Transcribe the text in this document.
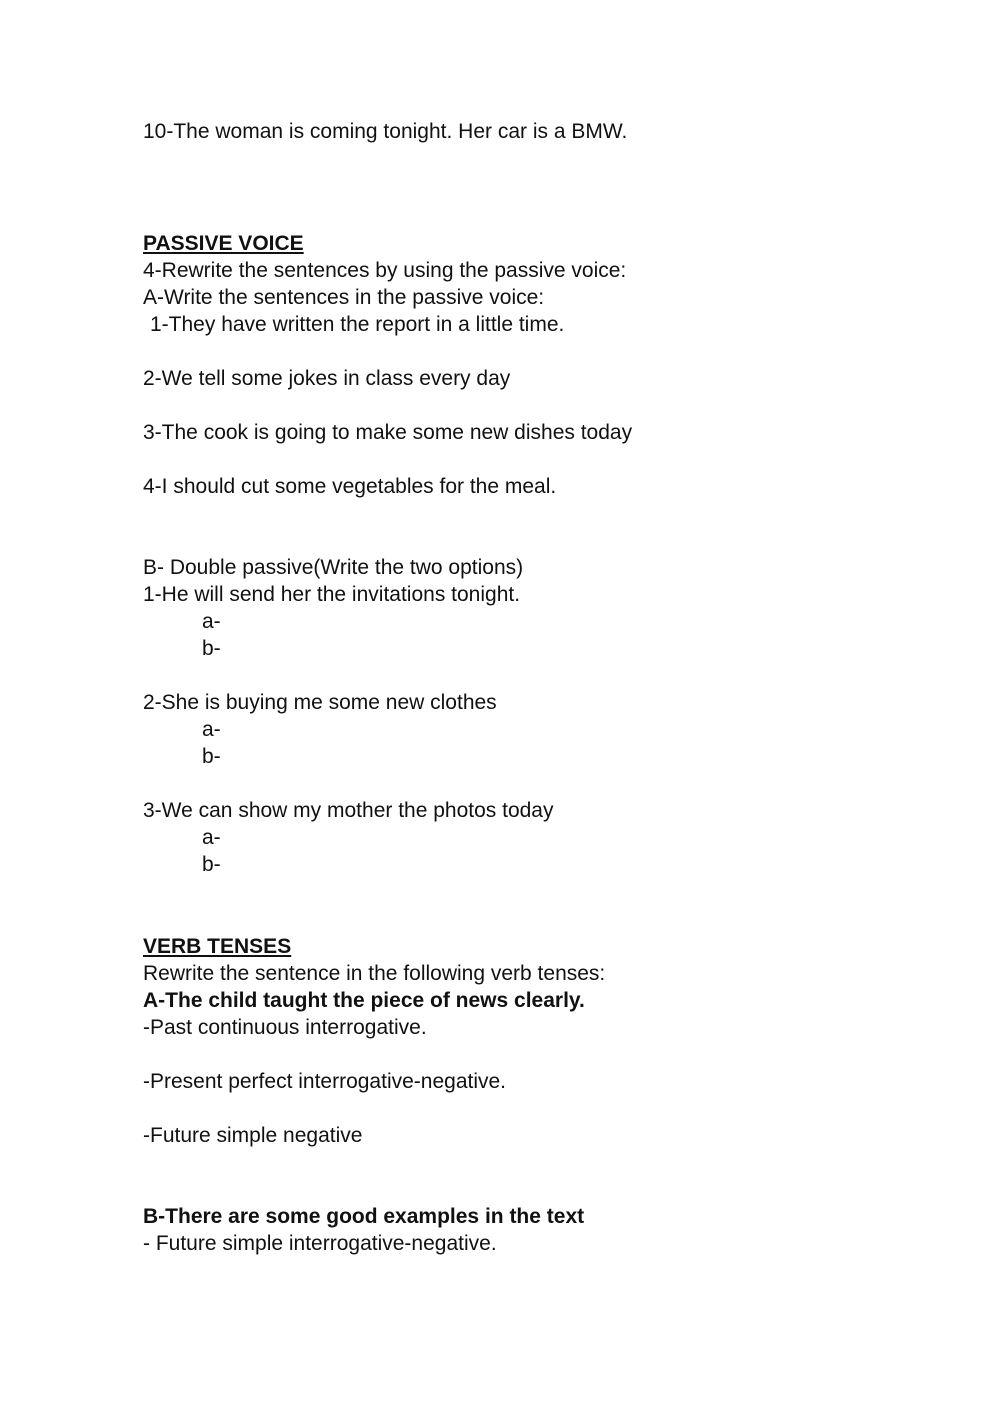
10-The woman is coming tonight. Her car is a BMW.
PASSIVE VOICE
4-Rewrite the sentences by using the passive voice:
A-Write the sentences in the passive voice:
1-They have written the report in a little time.
2-We tell some jokes in class every day
3-The cook is going to make some new dishes today
4-I should cut some vegetables for the meal.
B- Double passive(Write the two options)
1-He will send her the invitations tonight.
a-
b-
2-She is buying me some new clothes
a-
b-
3-We can show my mother the photos today
a-
b-
VERB TENSES
Rewrite the sentence in the following verb tenses:
A-The child taught the piece of news clearly.
-Past continuous interrogative.
-Present perfect interrogative-negative.
-Future simple negative
B-There are some good examples in the text
- Future simple interrogative-negative.
